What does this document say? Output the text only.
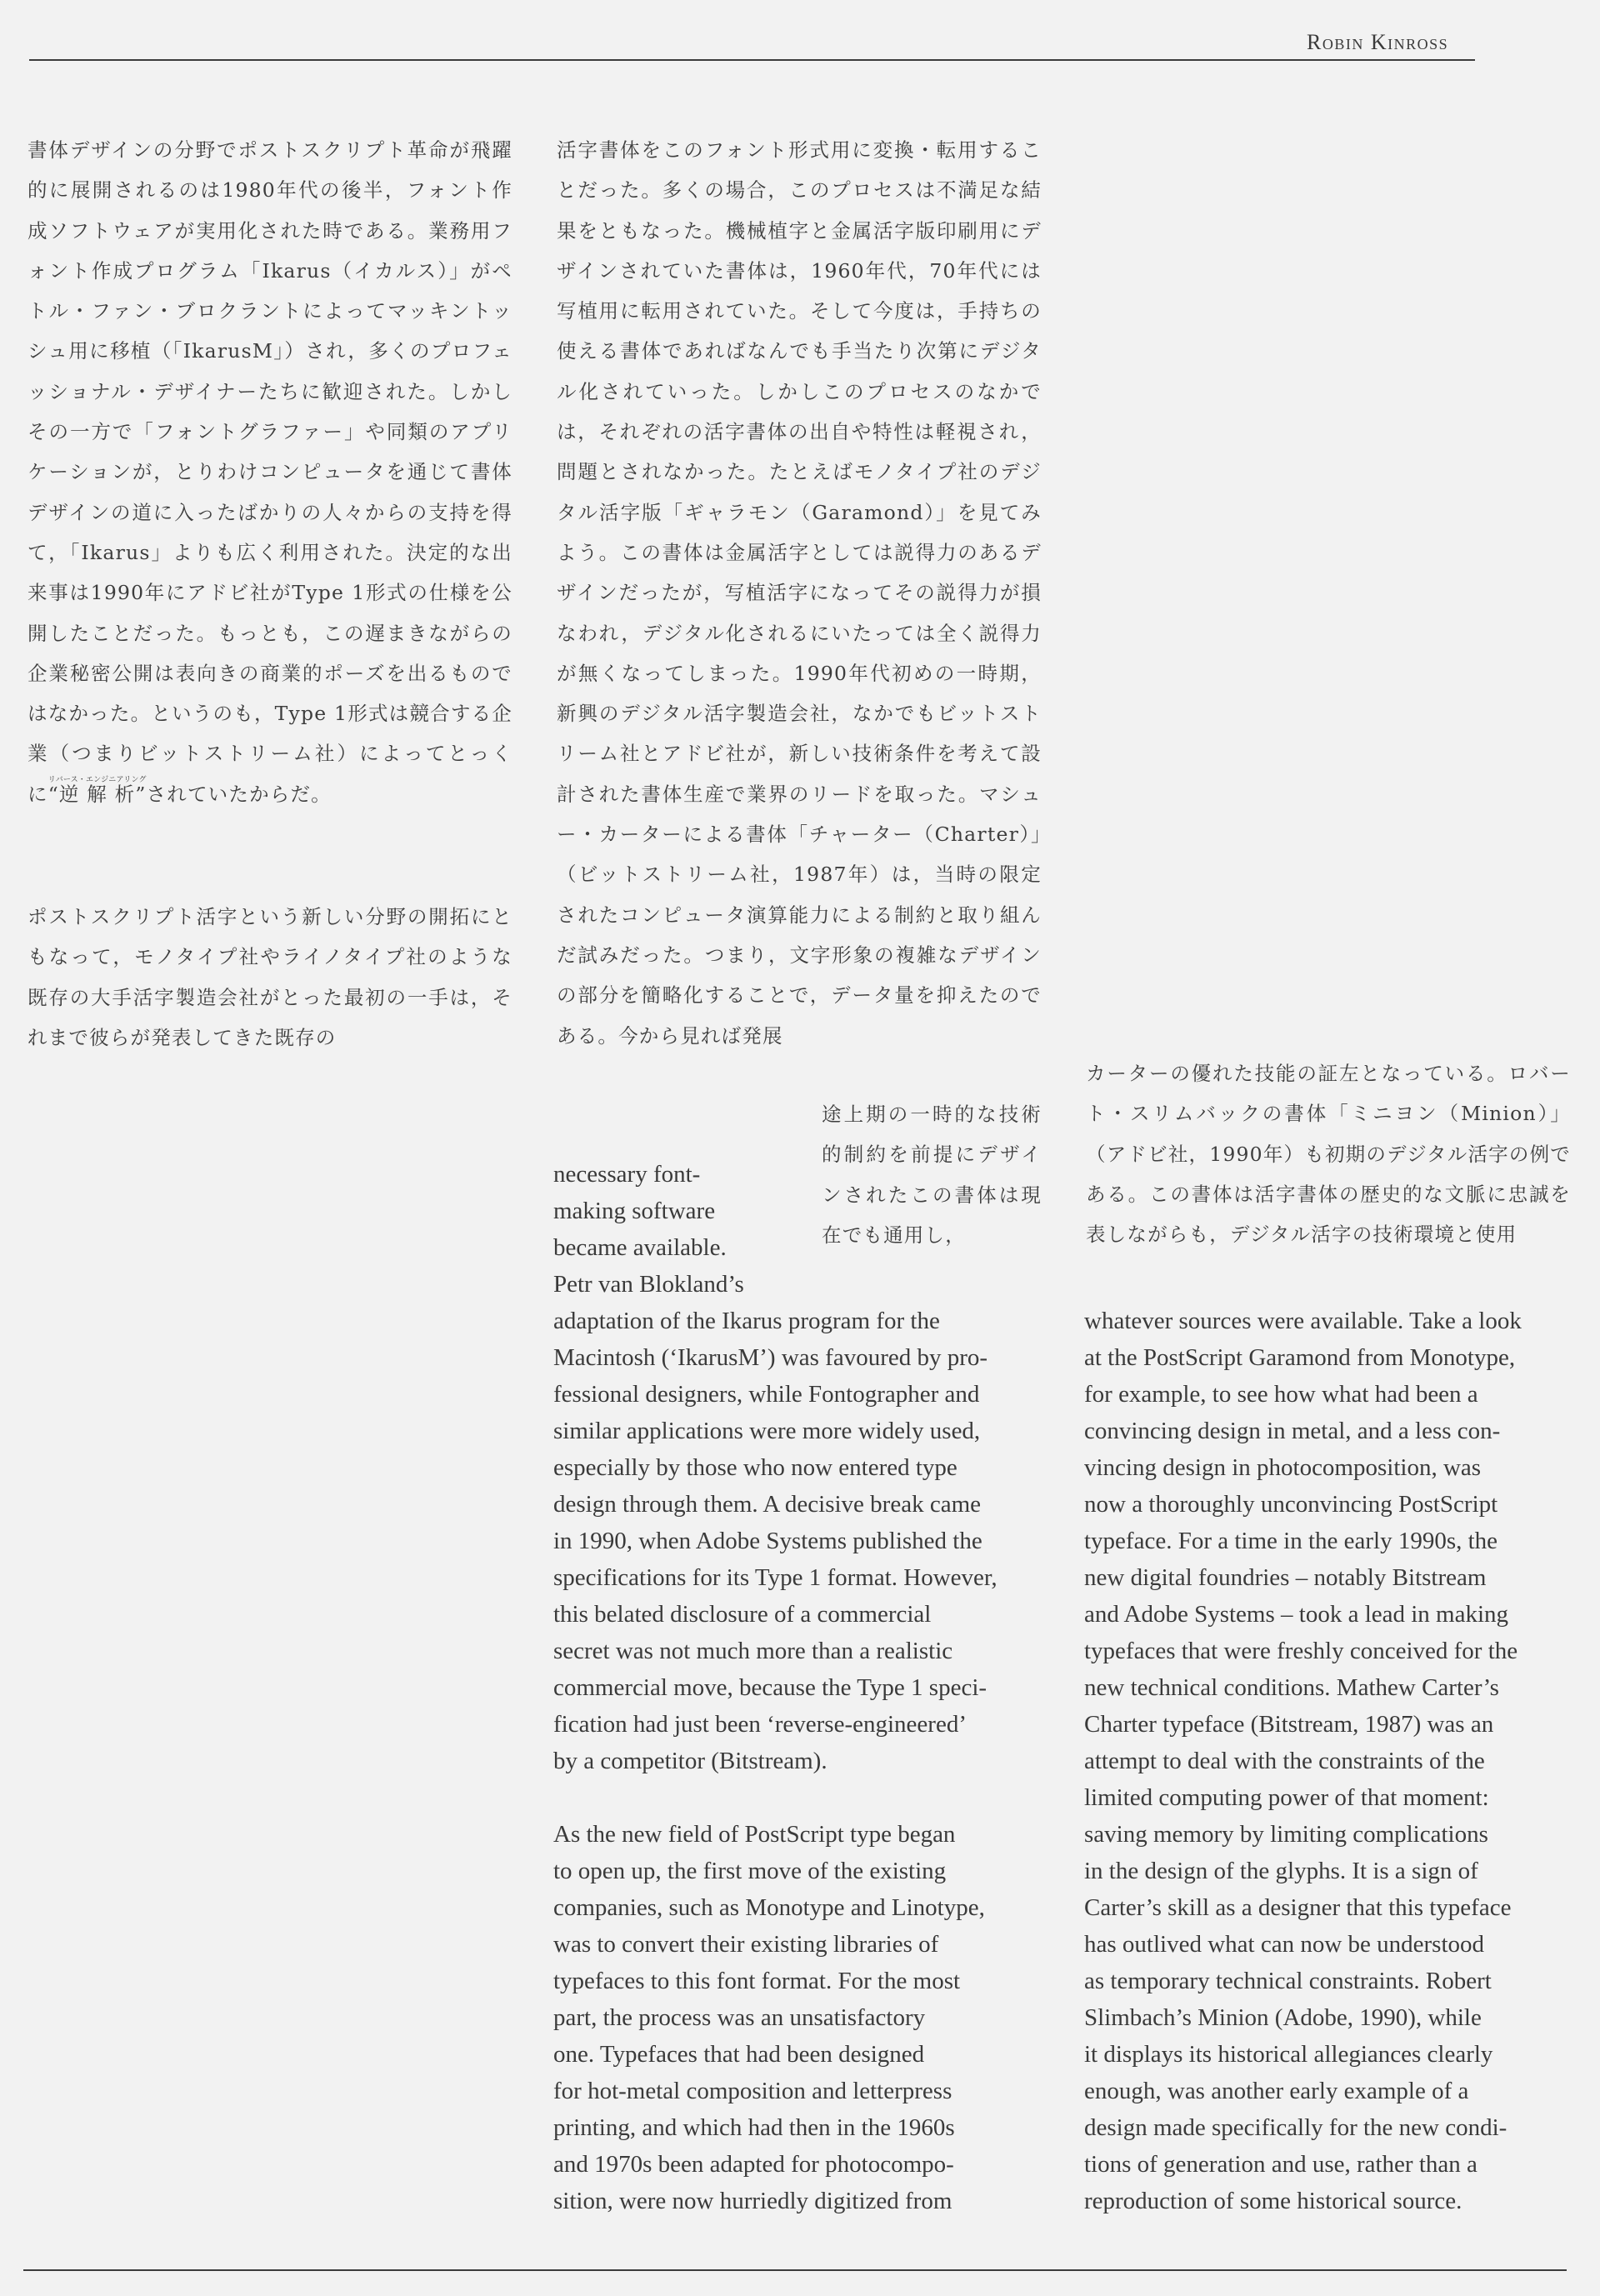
Robin Kinross

書体デザインの分野でポストスクリプト革命が飛躍的に展開されるのは1980年代の後半，フォント作成ソフトウェアが実用化された時である。業務用フォント作成プログラム「Ikarus（イカルス）」がペトル・ファン・ブロクラントによってマッキントッシュ用に移植（「IkarusM」）され，多くのプロフェッショナル・デザイナーたちに歓迎された。しかしその一方で「フォントグラファー」や同類のアプリケーションが，とりわけコンピュータを通じて書体デザインの道に入ったばかりの人々からの支持を得て，「Ikarus」よりも広く利用された。決定的な出来事は1990年にアドビ社がType 1形式の仕様を公開したことだった。もっとも，この遅まきながらの企業秘密公開は表向きの商業的ポーズを出るものではなかった。というのも，Type 1形式は競合する企業（つまりビットストリーム社）によってとっくに“逆 解 析”リバース・エンジニアリングされていたからだ。

ポストスクリプト活字という新しい分野の開拓にともなって，モノタイプ社やライノタイプ社のような既存の大手活字製造会社がとった最初の一手は，それまで彼らが発表してきた既存の

活字書体をこのフォント形式用に変換・転用することだった。多くの場合，このプロセスは不満足な結果をともなった。機械植字と金属活字版印刷用にデザインされていた書体は，1960年代，70年代には写植用に転用されていた。そして今度は，手持ちの使える書体であればなんでも手当たり次第にデジタル化されていった。しかしこのプロセスのなかでは，それぞれの活字書体の出自や特性は軽視され，問題とされなかった。たとえばモノタイプ社のデジタル活字版「ギャラモン（Garamond）」を見てみよう。この書体は金属活字としては説得力のあるデザインだったが，写植活字になってその説得力が損なわれ，デジタル化されるにいたっては全く説得力が無くなってしまった。1990年代初めの一時期，新興のデジタル活字製造会社，なかでもビットストリーム社とアドビ社が，新しい技術条件を考えて設計された書体生産で業界のリードを取った。マシュー・カーターによる書体「チャーター（Charter）」（ビットストリーム社，1987年）は，当時の限定されたコンピュータ演算能力による制約と取り組んだ試みだった。つまり，文字形象の複雑なデザインの部分を簡略化することで，データ量を抑えたのである。今から見れば発展

途上期の一時的な技術的制約を前提にデザインされたこの書体は現在でも通用し，

カーターの優れた技能の証左となっている。ロバート・スリムバックの書体「ミニヨン（Minion）」（アドビ社，1990年）も初期のデジタル活字の例である。この書体は活字書体の歴史的な文脈に忠誠を表しながらも，デジタル活字の技術環境と使用

necessary font-

making software

became available.

Petr van Blokland’s

adaptation of the Ikarus program for the

Macintosh (‘IkarusM’) was favoured by pro-

fessional designers, while Fontographer and

similar applications were more widely used,

especially by those who now entered type

design through them. A decisive break came

in 1990, when Adobe Systems published the

specifications for its Type 1 format. However,

this belated disclosure of a commercial

secret was not much more than a realistic

commercial move, because the Type 1 speci-

fication had just been ‘reverse-engineered’

by a competitor (Bitstream).

As the new field of PostScript type began

to open up, the first move of the existing

companies, such as Monotype and Linotype,

was to convert their existing libraries of

typefaces to this font format. For the most

part, the process was an unsatisfactory

one. Typefaces that had been designed

for hot-metal composition and letterpress

printing, and which had then in the 1960s

and 1970s been adapted for photocompo-

sition, were now hurriedly digitized from

whatever sources were available. Take a look

at the PostScript Garamond from Monotype,

for example, to see how what had been a

convincing design in metal, and a less con-

vincing design in photocomposition, was

now a thoroughly unconvincing PostScript

typeface. For a time in the early 1990s, the

new digital foundries – notably Bitstream

and Adobe Systems – took a lead in making

typefaces that were freshly conceived for the

new technical conditions. Mathew Carter’s

Charter typeface (Bitstream, 1987) was an

attempt to deal with the constraints of the

limited computing power of that moment:

saving memory by limiting complications

in the design of the glyphs. It is a sign of

Carter’s skill as a designer that this typeface

has outlived what can now be understood

as temporary technical constraints. Robert

Slimbach’s Minion (Adobe, 1990), while

it displays its historical allegiances clearly

enough, was another early example of a

design made specifically for the new condi-

tions of generation and use, rather than a

reproduction of some historical source.
